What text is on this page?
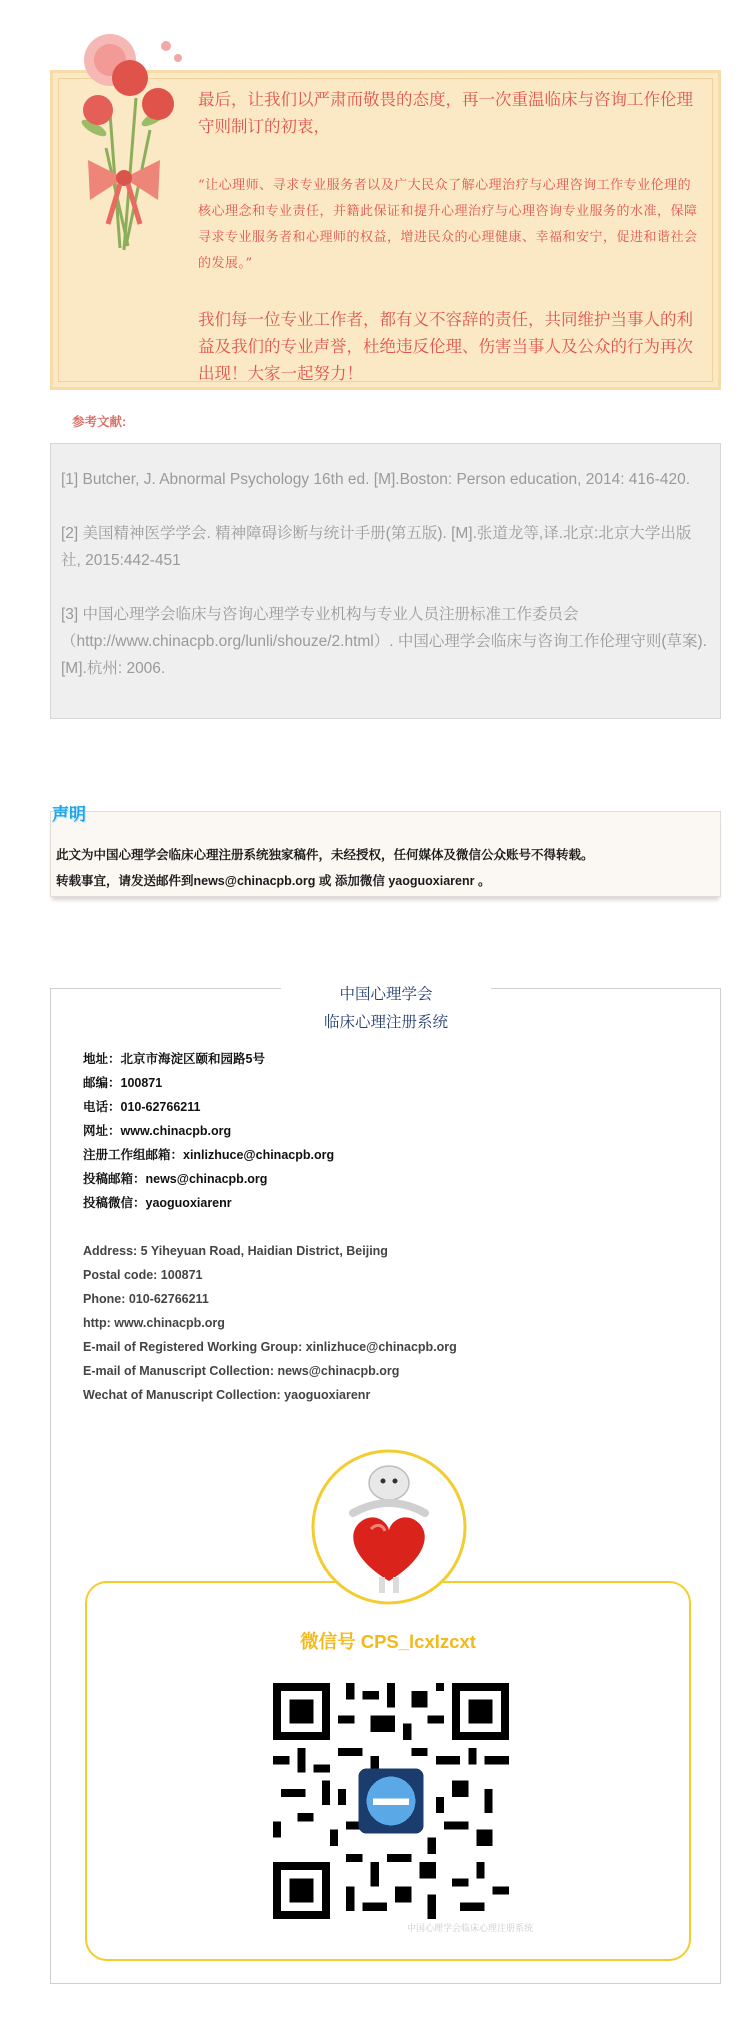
最后，让我们以严肃而敬畏的态度，再一次重温临床与咨询工作伦理守则制订的初衷，
“让心理师、寻求专业服务者以及广大民众了解心理治疗与心理咨询工作专业伦理的核心理念和专业责任，并籍此保证和提升心理治疗与心理咨询专业服务的水准，保障寻求专业服务者和心理师的权益，增进民众的心理健康、幸福和安宁，促进和谐社会的发展。”
我们每一位专业工作者，都有义不容辞的责任，共同维护当事人的利益及我们的专业声誉，杜绝违反伦理、伤害当事人及公众的行为再次出现！大家一起努力！
参考文献:
[1] Butcher, J. Abnormal Psychology 16th ed. [M].Boston: Person education, 2014: 416-420.
[2] 美国精神医学学会. 精神障碍诊断与统计手册(第五版). [M].张道龙等,译.北京:北京大学出版社, 2015:442-451
[3] 中国心理学会临床与咨询心理学专业机构与专业人员注册标准工作委员会（http://www.chinacpb.org/lunli/shouze/2.html）. 中国心理学会临床与咨询工作伦理守则(草案). [M].杭州: 2006.
此文为中国心理学会临床心理注册系统独家稿件，未经授权，任何媒体及微信公众账号不得转载。
转载事宜，请发送邮件到news@chinacpb.org 或 添加微信 yaoguoxiarenr 。
声明
中国心理学会
临床心理注册系统
地址：北京市海淀区颐和园路5号
邮编：100871
电话：010-62766211
网址：www.chinacpb.org
注册工作组邮箱：xinlizhuce@chinacpb.org
投稿邮箱：news@chinacpb.org
投稿微信：yaoguoxiarenr
Address: 5 Yiheyuan Road, Haidian District, Beijing
Postal code: 100871
Phone: 010-62766211
http: www.chinacpb.org
E-mail of Registered Working Group: xinlizhuce@chinacpb.org
E-mail of Manuscript Collection: news@chinacpb.org
Wechat of Manuscript Collection: yaoguoxiarenr
微信号 CPS_lcxlzcxt
中国心理学会临床心理注册系统
